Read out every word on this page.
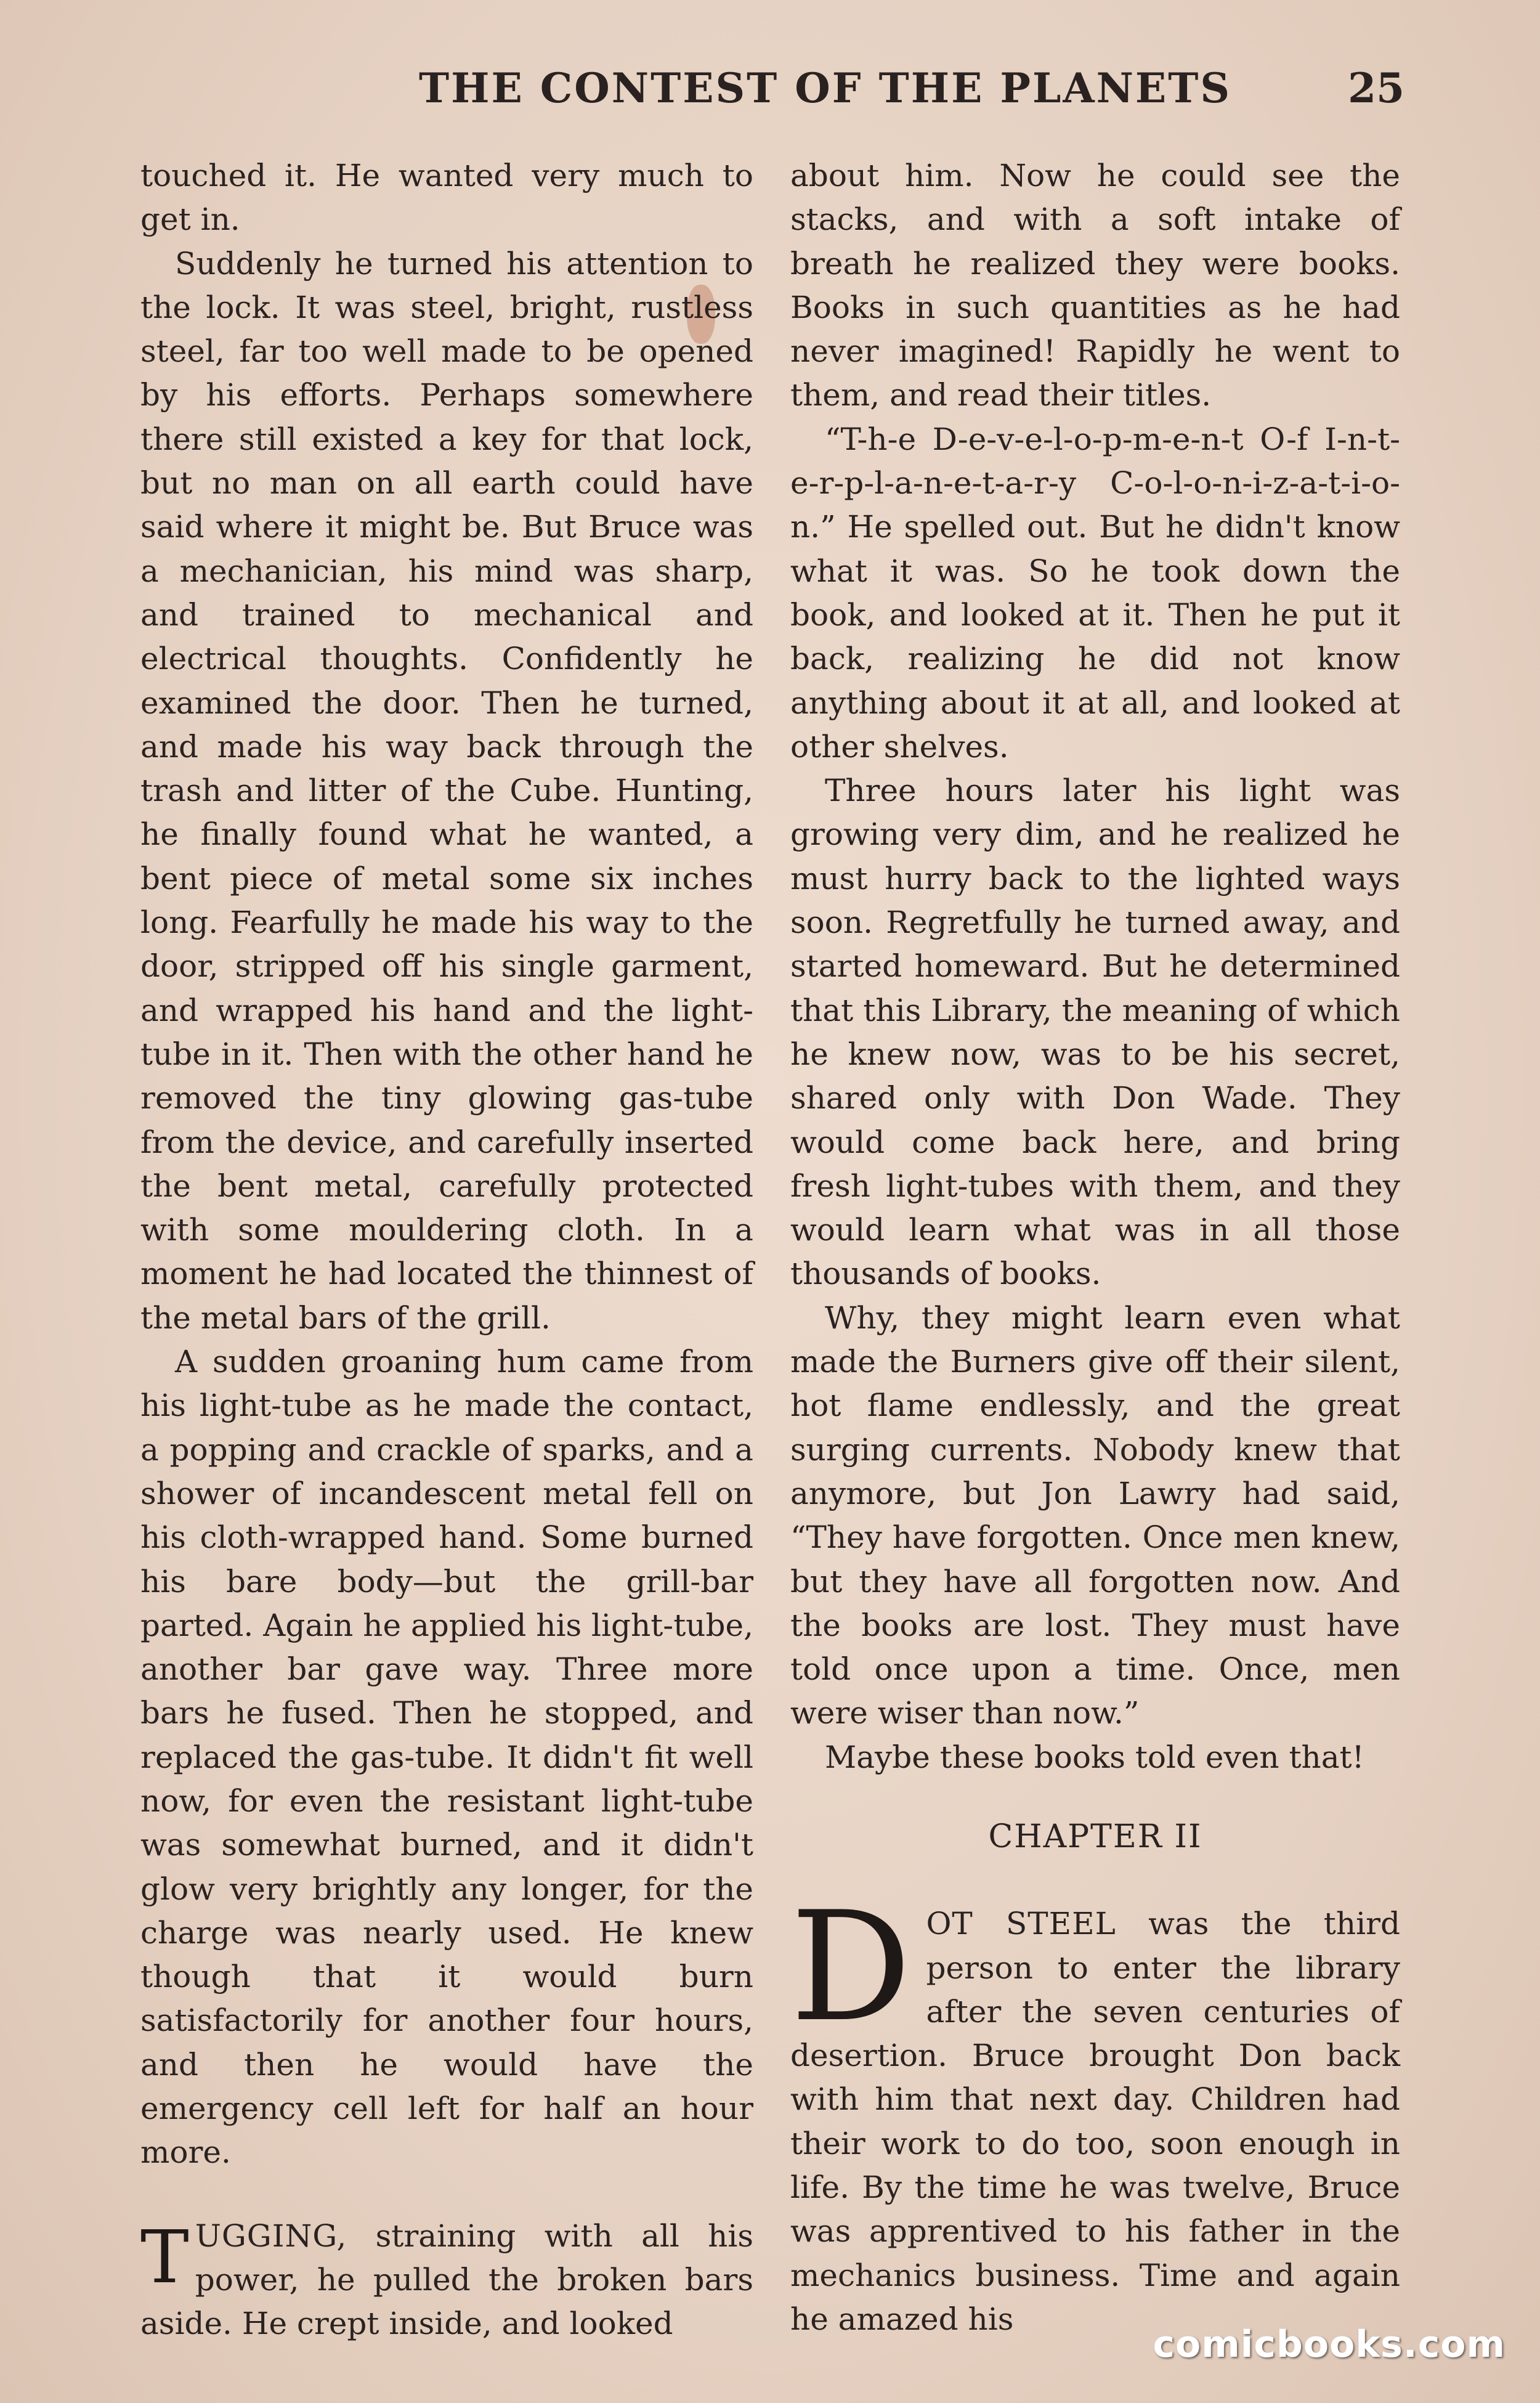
THE CONTEST OF THE PLANETS	25

touched it. He wanted very much to get in.

Suddenly he turned his attention to the lock. It was steel, bright, rustless steel, far too well made to be opened by his efforts. Perhaps somewhere there still existed a key for that lock, but no man on all earth could have said where it might be. But Bruce was a mechanician, his mind was sharp, and trained to mechanical and electrical thoughts. Confidently he examined the door. Then he turned, and made his way back through the trash and litter of the Cube. Hunting, he finally found what he wanted, a bent piece of metal some six inches long. Fearfully he made his way to the door, stripped off his single garment, and wrapped his hand and the light-tube in it. Then with the other hand he removed the tiny glowing gas-tube from the device, and carefully inserted the bent metal, carefully protected with some mouldering cloth. In a moment he had located the thinnest of the metal bars of the grill.

A sudden groaning hum came from his light-tube as he made the contact, a popping and crackle of sparks, and a shower of incandescent metal fell on his cloth-wrapped hand. Some burned his bare body—but the grill-bar parted. Again he applied his light-tube, another bar gave way. Three more bars he fused. Then he stopped, and replaced the gas-tube. It didn't fit well now, for even the resistant light-tube was somewhat burned, and it didn't glow very brightly any longer, for the charge was nearly used. He knew though that it would burn satisfactorily for another four hours, and then he would have the emergency cell left for half an hour more.

TUGGING, straining with all his power, he pulled the broken bars aside. He crept inside, and looked

about him. Now he could see the stacks, and with a soft intake of breath he realized they were books. Books in such quantities as he had never imagined! Rapidly he went to them, and read their titles.

“T-h-e D-e-v-e-l-o-p-m-e-n-t O-f I-n-t-e-r-p-l-a-n-e-t-a-r-y C-o-l-o-n-i-z-a-t-i-o-n.” He spelled out. But he didn't know what it was. So he took down the book, and looked at it. Then he put it back, realizing he did not know anything about it at all, and looked at other shelves.

Three hours later his light was growing very dim, and he realized he must hurry back to the lighted ways soon. Regretfully he turned away, and started homeward. But he determined that this Library, the meaning of which he knew now, was to be his secret, shared only with Don Wade. They would come back here, and bring fresh light-tubes with them, and they would learn what was in all those thousands of books.

Why, they might learn even what made the Burners give off their silent, hot flame endlessly, and the great surging currents. Nobody knew that anymore, but Jon Lawry had said, “They have forgotten. Once men knew, but they have all forgotten now. And the books are lost. They must have told once upon a time. Once, men were wiser than now.”

Maybe these books told even that!

CHAPTER II

DOT STEEL was the third person to enter the library after the seven centuries of desertion. Bruce brought Don back with him that next day. Children had their work to do too, soon enough in life. By the time he was twelve, Bruce was apprentived to his father in the mechanics business. Time and again he amazed his

comicbooks.com
